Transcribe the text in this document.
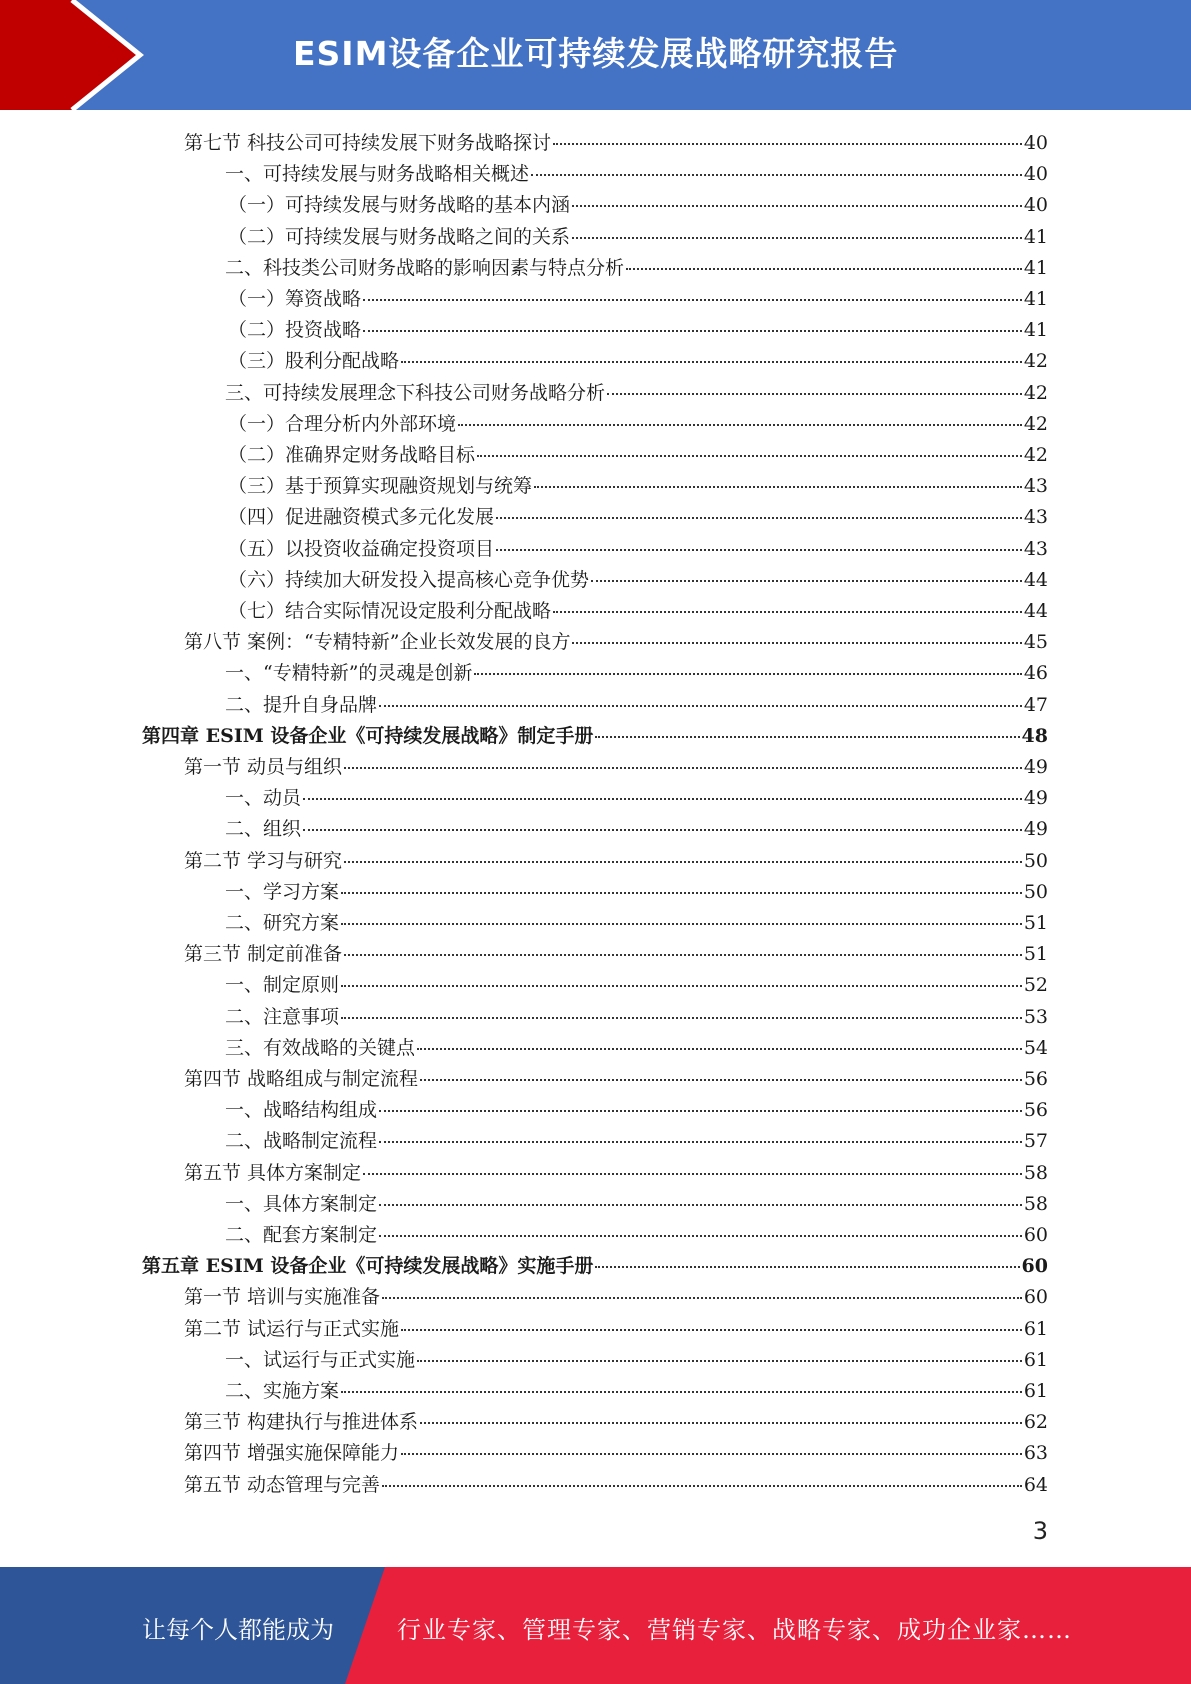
ESIM设备企业可持续发展战略研究报告
第七节 科技公司可持续发展下财务战略探讨	40
一、可持续发展与财务战略相关概述	40
（一）可持续发展与财务战略的基本内涵	40
（二）可持续发展与财务战略之间的关系	41
二、科技类公司财务战略的影响因素与特点分析	41
（一）筹资战略	41
（二）投资战略	41
（三）股利分配战略	42
三、可持续发展理念下科技公司财务战略分析	42
（一）合理分析内外部环境	42
（二）准确界定财务战略目标	42
（三）基于预算实现融资规划与统筹	43
（四）促进融资模式多元化发展	43
（五）以投资收益确定投资项目	43
（六）持续加大研发投入提高核心竞争优势	44
（七）结合实际情况设定股利分配战略	44
第八节 案例：“专精特新”企业长效发展的良方	45
一、“专精特新”的灵魂是创新	46
二、提升自身品牌	47
第四章 ESIM 设备企业《可持续发展战略》制定手册	48
第一节 动员与组织	49
一、动员	49
二、组织	49
第二节 学习与研究	50
一、学习方案	50
二、研究方案	51
第三节 制定前准备	51
一、制定原则	52
二、注意事项	53
三、有效战略的关键点	54
第四节 战略组成与制定流程	56
一、战略结构组成	56
二、战略制定流程	57
第五节 具体方案制定	58
一、具体方案制定	58
二、配套方案制定	60
第五章 ESIM 设备企业《可持续发展战略》实施手册	60
第一节 培训与实施准备	60
第二节 试运行与正式实施	61
一、试运行与正式实施	61
二、实施方案	61
第三节 构建执行与推进体系	62
第四节 增强实施保障能力	63
第五节 动态管理与完善	64
3
让每个人都能成为	行业专家、管理专家、营销专家、战略专家、成功企业家……
